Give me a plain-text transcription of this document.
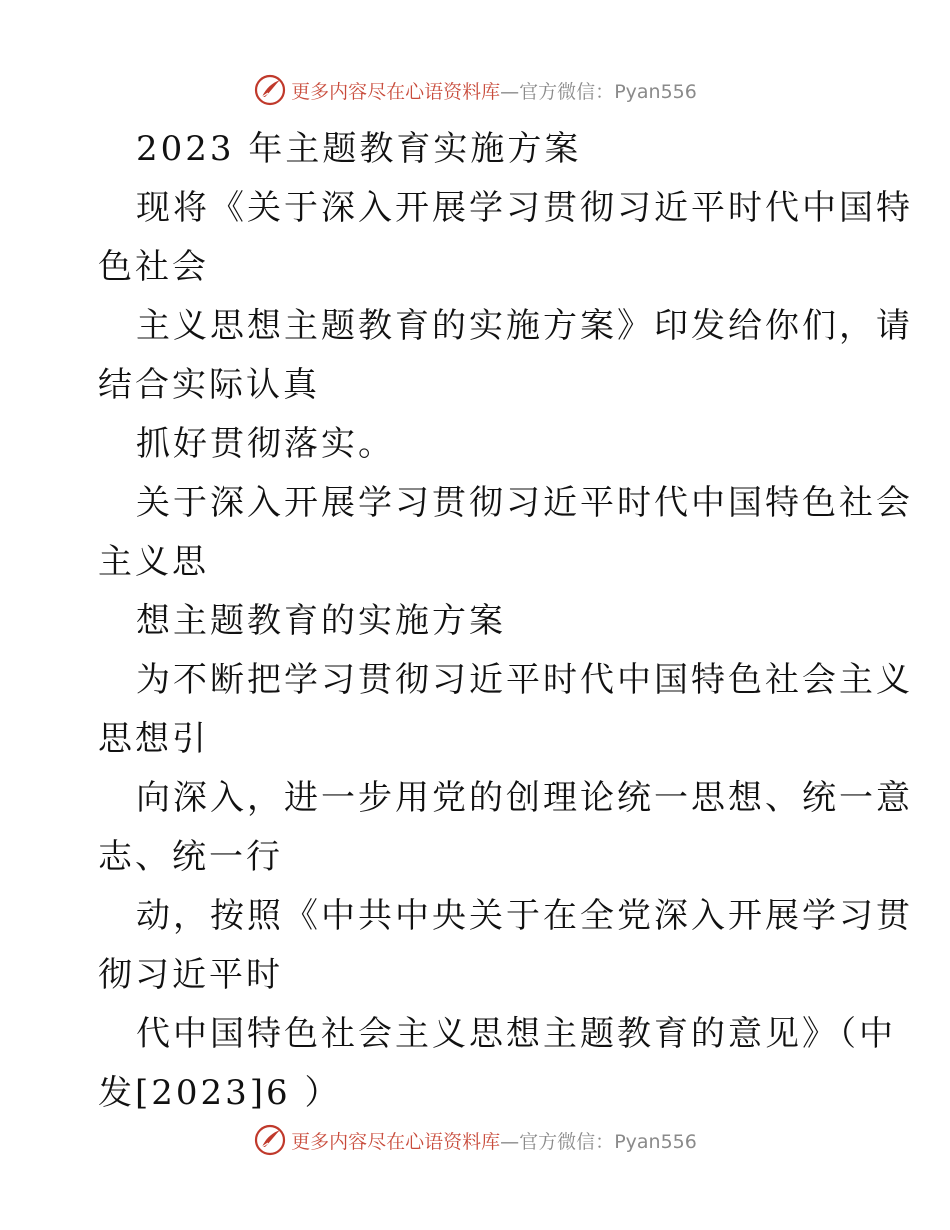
更多内容尽在心语资料库—官方微信：Pyan556
2023 年主题教育实施方案
现将《关于深入开展学习贯彻习近平时代中国特
色社会
主义思想主题教育的实施方案》印发给你们，请
结合实际认真
抓好贯彻落实。
关于深入开展学习贯彻习近平时代中国特色社会
主义思
想主题教育的实施方案
为不断把学习贯彻习近平时代中国特色社会主义
思想引
向深入，进一步用党的创理论统一思想、统一意
志、统一行
动，按照《中共中央关于在全党深入开展学习贯
彻习近平时
代中国特色社会主义思想主题教育的意见》（中
发[2023]6 ）
更多内容尽在心语资料库—官方微信：Pyan556
